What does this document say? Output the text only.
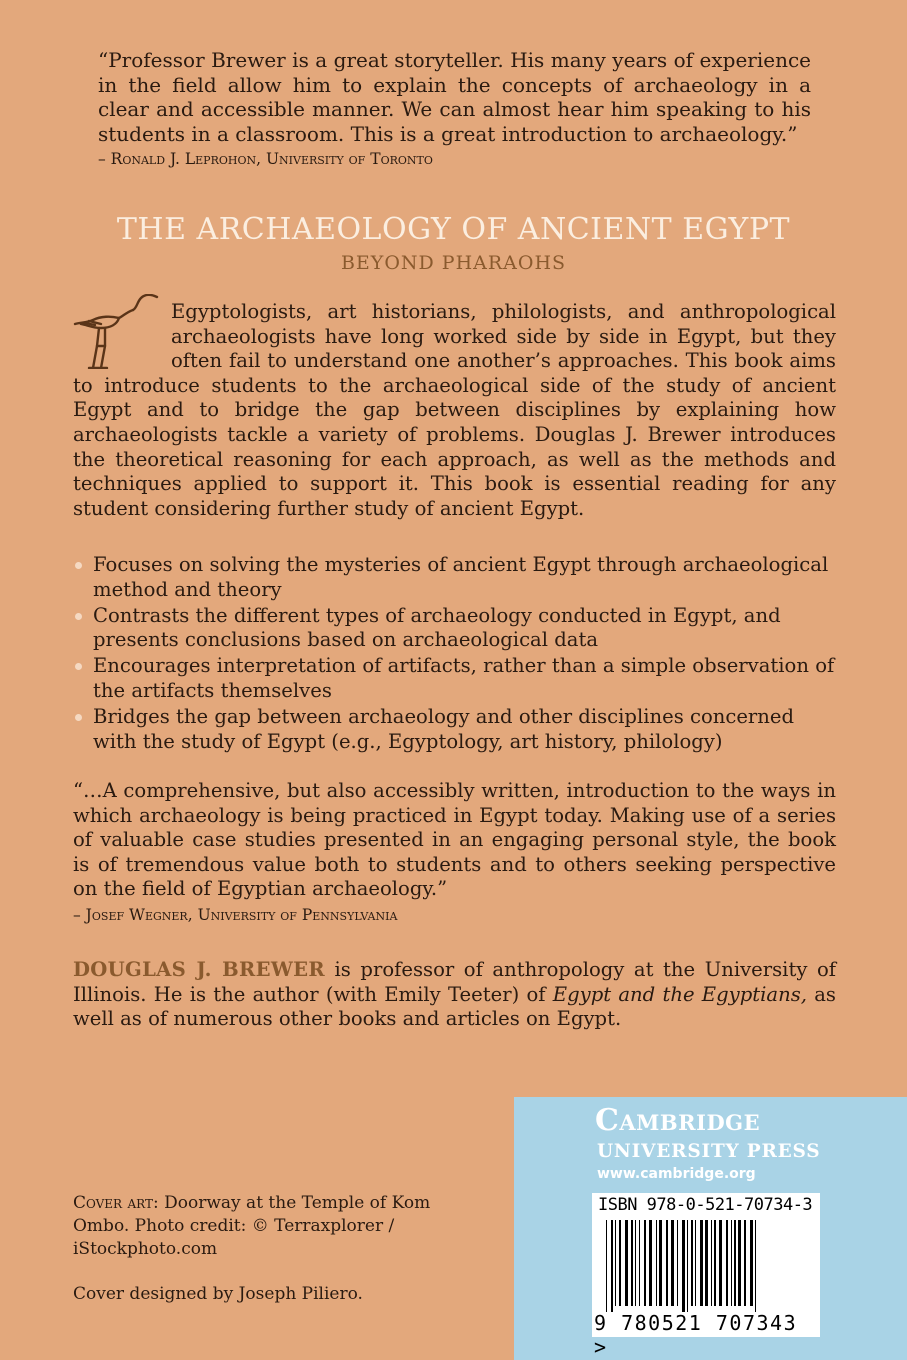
“Professor Brewer is a great storyteller. His many years of experience in the field allow him to explain the concepts of archaeology in a clear and accessible manner. We can almost hear him speaking to his students in a classroom. This is a great introduction to archaeology.”
– Ronald J. Leprohon, University of Toronto
THE ARCHAEOLOGY OF ANCIENT EGYPT
BEYOND PHARAOHS
Egyptologists, art historians, philologists, and anthropological archaeologists have long worked side by side in Egypt, but they often fail to understand one another’s approaches. This book aims to introduce students to the archaeological side of the study of ancient Egypt and to bridge the gap between disciplines by explaining how archaeologists tackle a variety of problems. Douglas J. Brewer introduces the theoretical reasoning for each approach, as well as the methods and techniques applied to support it. This book is essential reading for any student considering further study of ancient Egypt.
Focuses on solving the mysteries of ancient Egypt through archaeological method and theory
Contrasts the different types of archaeology conducted in Egypt, and presents conclusions based on archaeological data
Encourages interpretation of artifacts, rather than a simple observation of the artifacts themselves
Bridges the gap between archaeology and other disciplines concerned with the study of Egypt (e.g., Egyptology, art history, philology)
“…A comprehensive, but also accessibly written, introduction to the ways in which archaeology is being practiced in Egypt today. Making use of a series of valuable case studies presented in an engaging personal style, the book is of tremendous value both to students and to others seeking perspective on the field of Egyptian archaeology.”
– Josef Wegner, University of Pennsylvania
DOUGLAS J. BREWER is professor of anthropology at the University of Illinois. He is the author (with Emily Teeter) of Egypt and the Egyptians, as well as of numerous other books and articles on Egypt.
Cover art: Doorway at the Temple of Kom Ombo. Photo credit: © Terraxplorer / iStockphoto.com
Cover designed by Joseph Piliero.
Cambridge
UNIVERSITY PRESS
www.cambridge.org
ISBN 978-0-521-70734-3
9 780521 707343 >
